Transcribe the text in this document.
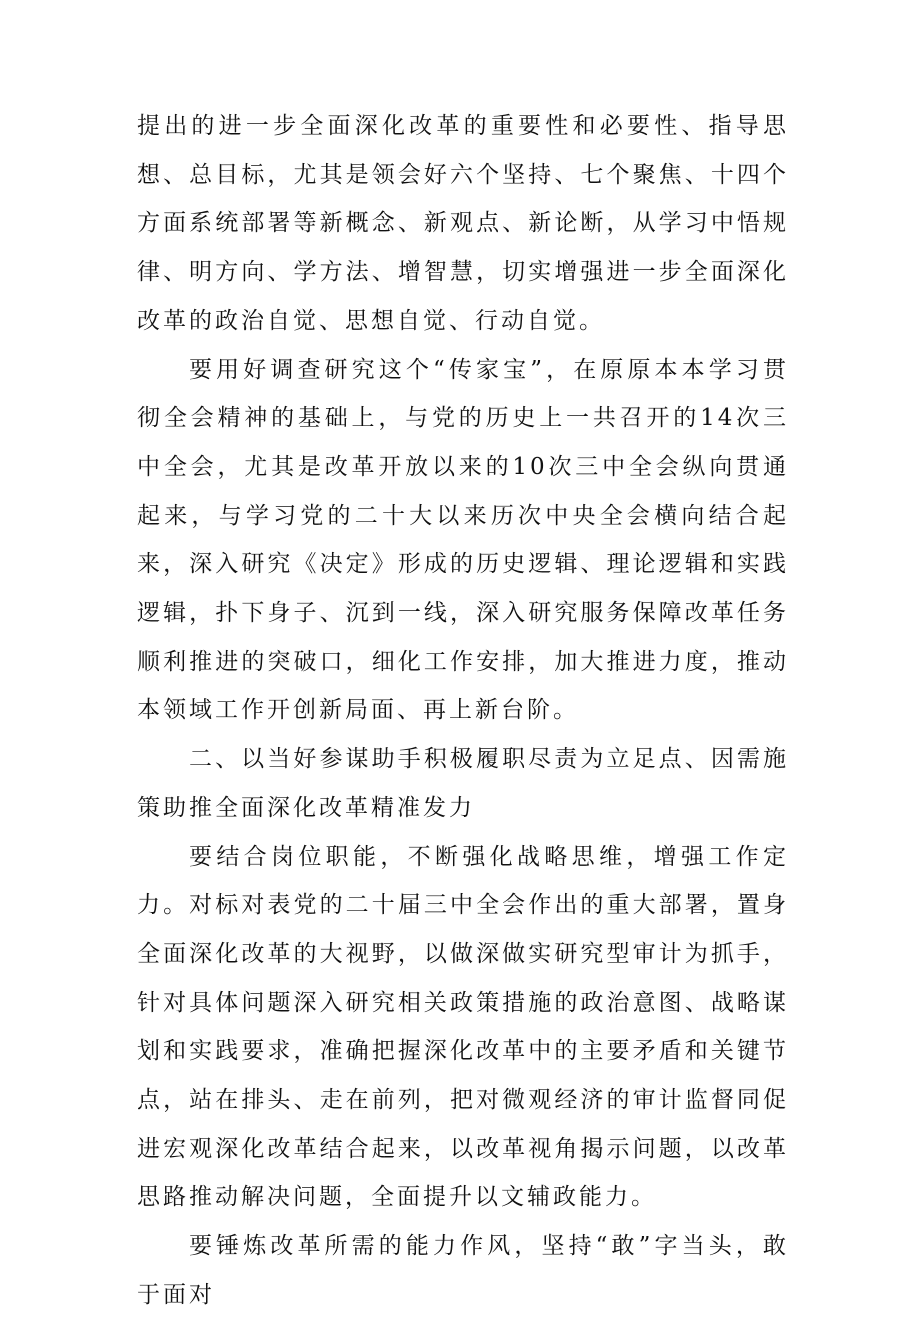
提出的进一步全面深化改革的重要性和必要性、指导思想、总目标，尤其是领会好六个坚持、七个聚焦、十四个方面系统部署等新概念、新观点、新论断，从学习中悟规律、明方向、学方法、增智慧，切实增强进一步全面深化改革的政治自觉、思想自觉、行动自觉。

要用好调查研究这个“传家宝”，在原原本本学习贯彻全会精神的基础上，与党的历史上一共召开的14次三中全会，尤其是改革开放以来的10次三中全会纵向贯通起来，与学习党的二十大以来历次中央全会横向结合起来，深入研究《决定》形成的历史逻辑、理论逻辑和实践逻辑，扑下身子、沉到一线，深入研究服务保障改革任务顺利推进的突破口，细化工作安排，加大推进力度，推动本领域工作开创新局面、再上新台阶。

二、以当好参谋助手积极履职尽责为立足点、因需施策助推全面深化改革精准发力

要结合岗位职能，不断强化战略思维，增强工作定力。对标对表党的二十届三中全会作出的重大部署，置身全面深化改革的大视野，以做深做实研究型审计为抓手，针对具体问题深入研究相关政策措施的政治意图、战略谋划和实践要求，准确把握深化改革中的主要矛盾和关键节点，站在排头、走在前列，把对微观经济的审计监督同促进宏观深化改革结合起来，以改革视角揭示问题，以改革思路推动解决问题，全面提升以文辅政能力。

要锤炼改革所需的能力作风，坚持“敢”字当头，敢于面对
